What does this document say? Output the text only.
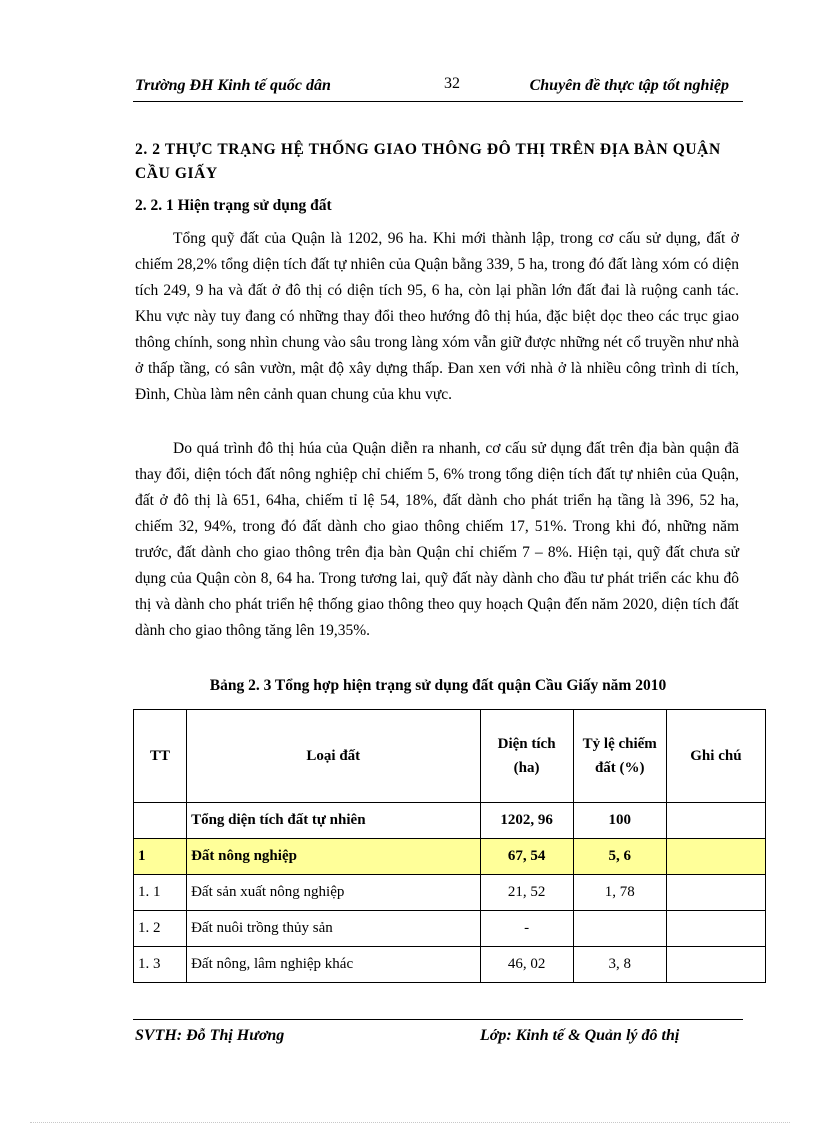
Trường ĐH Kinh tế quốc dân	32	Chuyên đề thực tập tốt nghiệp
2. 2 THỰC TRẠNG HỆ THỐNG GIAO THÔNG ĐÔ THỊ TRÊN ĐỊA BÀN QUẬN CẦU GIẤY
2. 2. 1 Hiện trạng sử dụng đất

Tổng quỹ đất của Quận là 1202, 96 ha. Khi mới thành lập, trong cơ cấu sử dụng, đất ở chiếm 28,2% tổng diện tích đất tự nhiên của Quận bằng 339, 5 ha, trong đó đất làng xóm có diện tích 249, 9 ha và đất ở đô thị có diện tích 95, 6 ha, còn lại phần lớn đất đai là ruộng canh tác. Khu vực này tuy đang có những thay đổi theo hướng đô thị húa, đặc biệt dọc theo các trục giao thông chính, song nhìn chung vào sâu trong làng xóm vẫn giữ được những nét cổ truyền như nhà ở thấp tầng, có sân vườn, mật độ xây dựng thấp. Đan xen với nhà ở là nhiều công trình di tích, Đình, Chùa làm nên cảnh quan chung của khu vực.

Do quá trình đô thị húa của Quận diễn ra nhanh, cơ cấu sử dụng đất trên địa bàn quận đã thay đổi, diện tóch đất nông nghiệp chỉ chiếm 5, 6% trong tổng diện tích đất tự nhiên của Quận, đất ở đô thị là 651, 64ha, chiếm tỉ lệ 54, 18%, đất dành cho phát triển hạ tầng là 396, 52 ha, chiếm 32, 94%, trong đó đất dành cho giao thông chiếm 17, 51%. Trong khi đó, những năm trước, đất dành cho giao thông trên địa bàn Quận chỉ chiếm 7 – 8%. Hiện tại, quỹ đất chưa sử dụng của Quận còn 8, 64 ha. Trong tương lai, quỹ đất này dành cho đầu tư phát triển các khu đô thị và dành cho phát triển hệ thống giao thông theo quy hoạch Quận đến năm 2020, diện tích đất dành cho giao thông tăng lên 19,35%.

Bảng 2. 3 Tổng hợp hiện trạng sử dụng đất quận Cầu Giấy năm 2010
TT	Loại đất	Diện tích (ha)	Tỷ lệ chiếm đất (%)	Ghi chú
	Tổng diện tích đất tự nhiên	1202, 96	100	
1	Đất nông nghiệp	67, 54	5, 6	
1. 1	Đất sản xuất nông nghiệp	21, 52	1, 78	
1. 2	Đất nuôi trồng thủy sản	-		
1. 3	Đất nông, lâm nghiệp khác	46, 02	3, 8	
SVTH: Đỗ Thị Hương	Lớp: Kinh tế & Quản lý đô thị
